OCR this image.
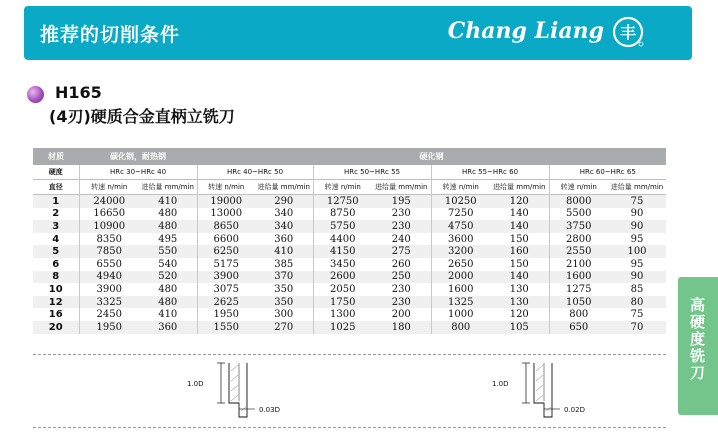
推荐的切削条件	Chang Liang 丰
H165
(4刃)硬质合金直柄立铣刀
高硬度铣刀
材质	碳化钢，耐热钢		硬化钢							
硬度	HRc 30~HRc 40		HRc 40~HRc 50		HRc 50~HRc 55		HRc 55~HRc 60		HRc 60~HRc 65	
直径	转速 n/min	进给量 mm/min	转速 n/min	进给量 mm/min	转速 n/min	进给量 mm/min	转速 n/min	进给量 mm/min	转速 n/min	进给量 mm/min
1	24000	410	19000	290	12750	195	10250	120	8000	75
2	16650	480	13000	340	8750	230	7250	140	5500	90
3	10900	480	8650	340	5750	230	4750	140	3750	90
4	8350	495	6600	360	4400	240	3600	150	2800	95
5	7850	550	6250	410	4150	275	3200	160	2550	100
6	6550	540	5175	385	3450	260	2650	150	2100	95
8	4940	520	3900	370	2600	250	2000	140	1600	90
10	3900	480	3075	350	2050	230	1600	130	1275	85
12	3325	480	2625	350	1750	230	1325	130	1050	80
16	2450	410	1950	300	1300	200	1000	120	800	75
20	1950	360	1550	270	1025	180	800	105	650	70
1.0D
0.03D
1.0D
0.02D
